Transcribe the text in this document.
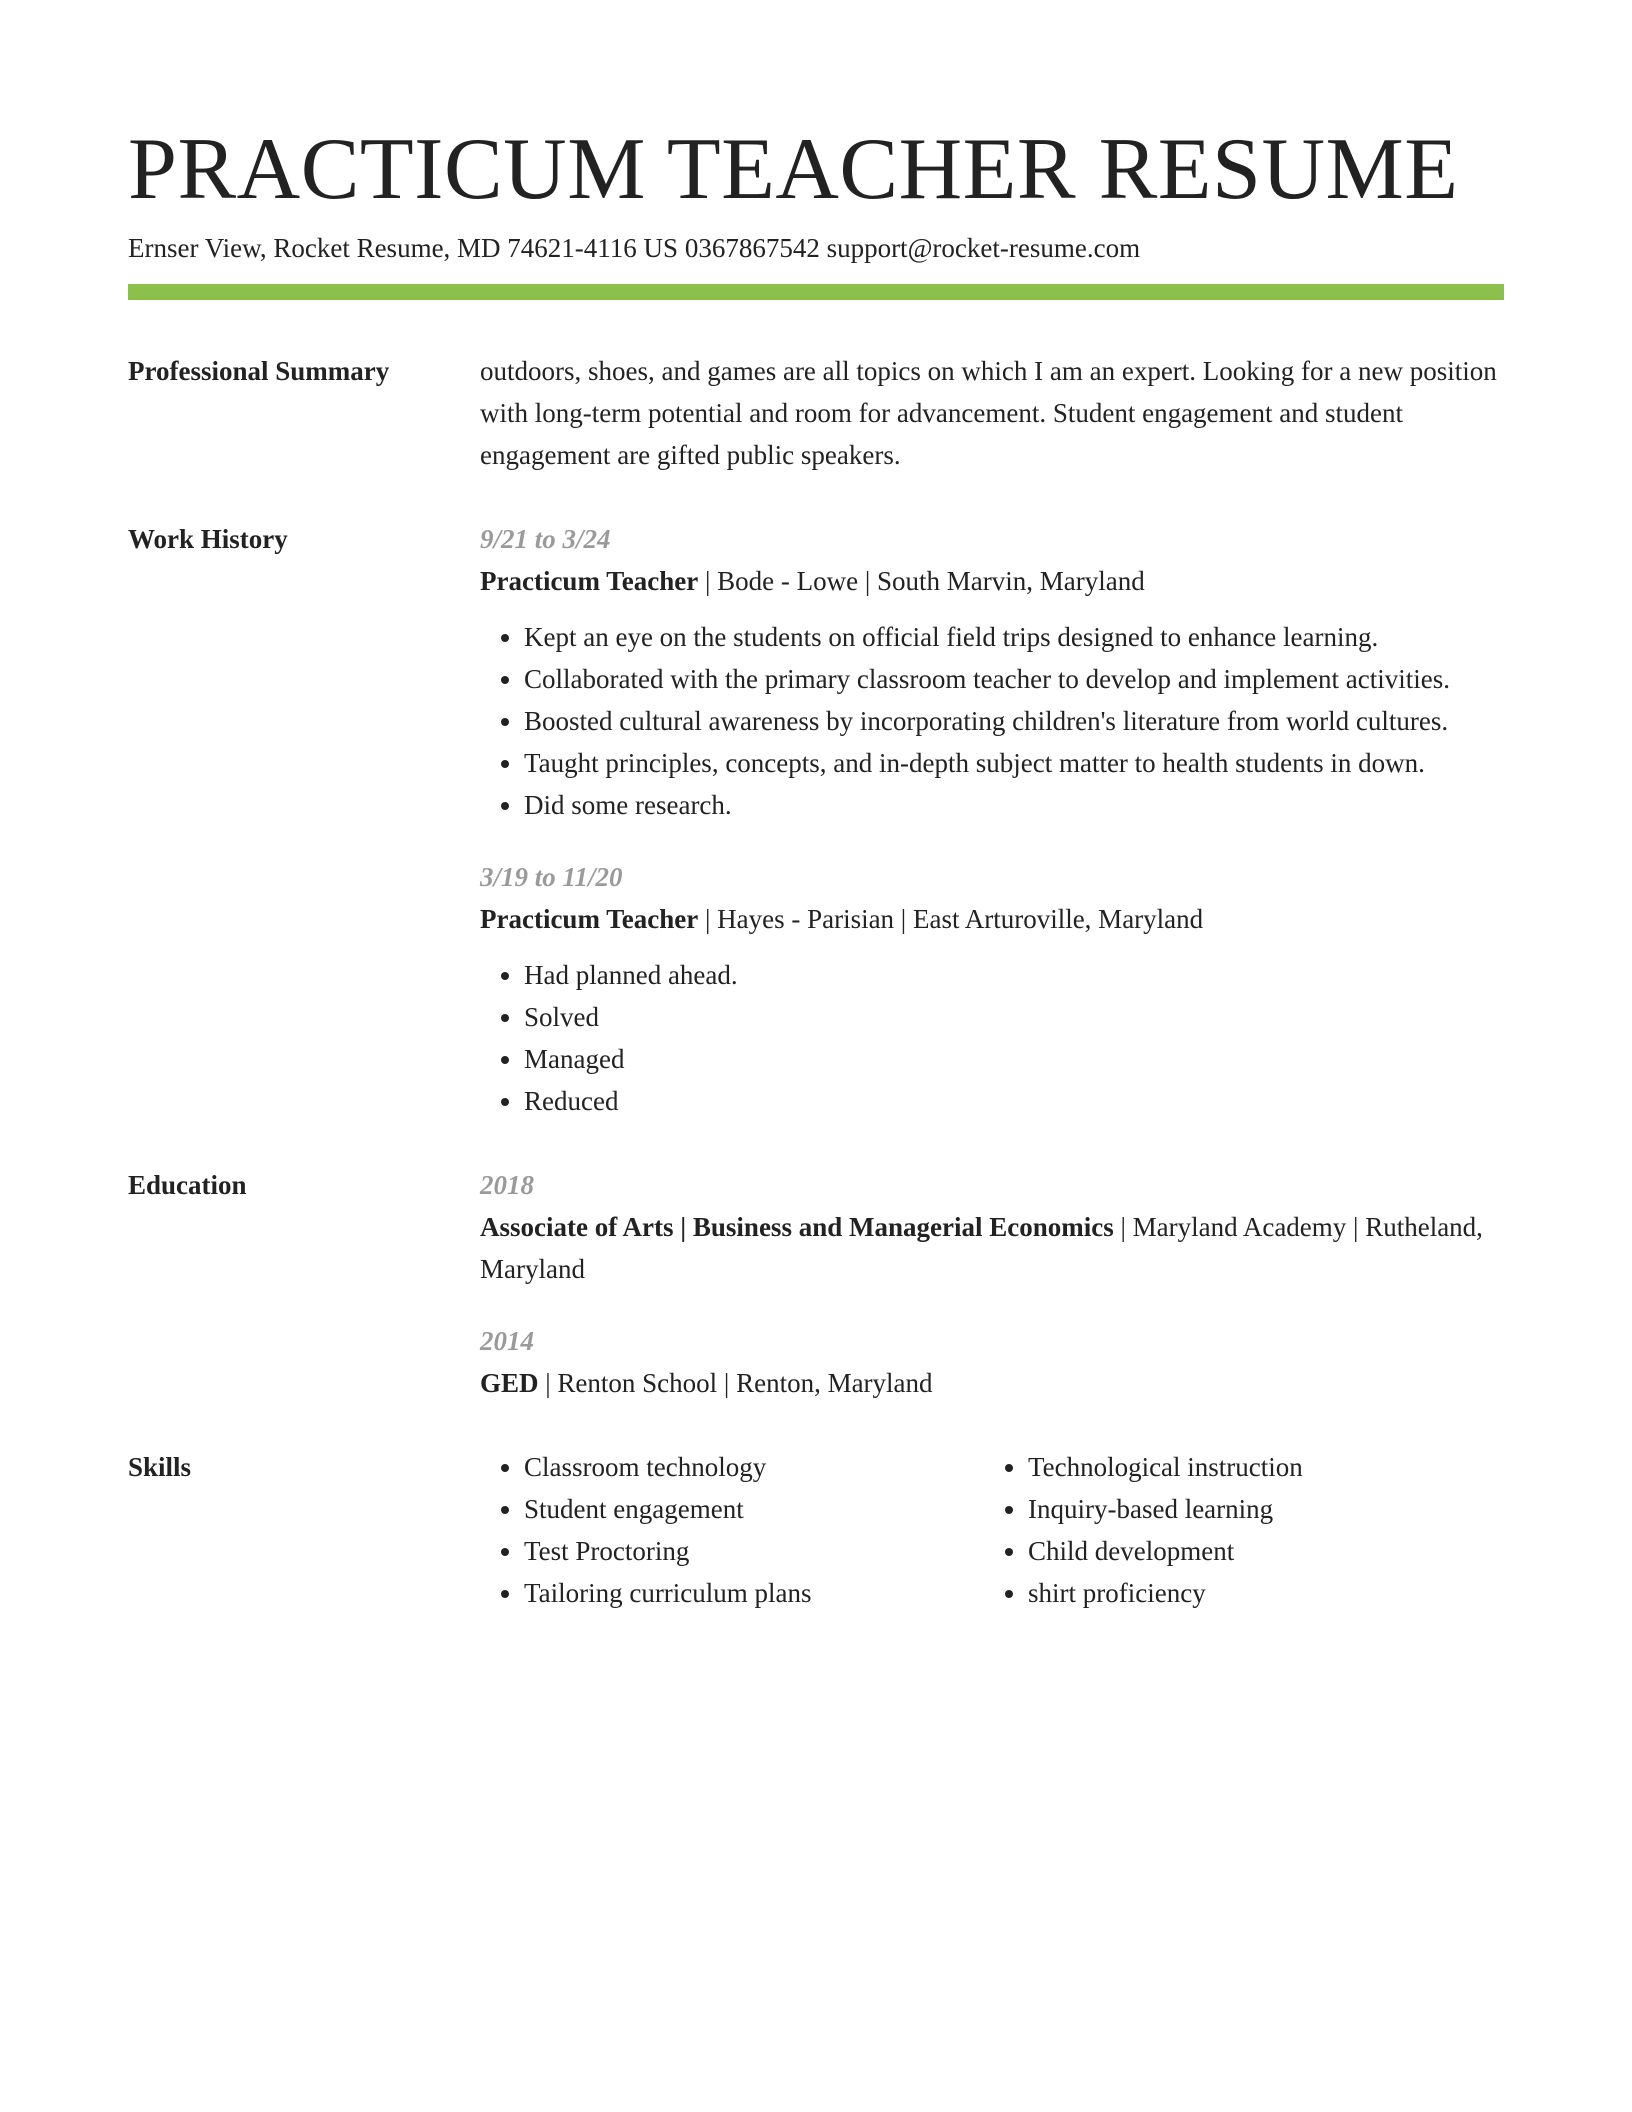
PRACTICUM TEACHER RESUME
Ernser View, Rocket Resume, MD 74621-4116 US 0367867542 support@rocket-resume.com
Professional Summary	outdoors, shoes, and games are all topics on which I am an expert. Looking for a new position with long-term potential and room for advancement. Student engagement and student engagement are gifted public speakers.

Work History	9/21 to 3/24
Practicum Teacher | Bode - Lowe | South Marvin, Maryland
• Kept an eye on the students on official field trips designed to enhance learning.
• Collaborated with the primary classroom teacher to develop and implement activities.
• Boosted cultural awareness by incorporating children's literature from world cultures.
• Taught principles, concepts, and in-depth subject matter to health students in down.
• Did some research.
3/19 to 11/20
Practicum Teacher | Hayes - Parisian | East Arturoville, Maryland
• Had planned ahead.
• Solved
• Managed
• Reduced
Education	2018
Associate of Arts | Business and Managerial Economics | Maryland Academy | Rutheland, Maryland
2014
GED | Renton School | Renton, Maryland
Skills
•	Classroom technology
• Student engagement
• Test Proctoring
• Tailoring curriculum plans
• Technological instruction
• Inquiry-based learning
• Child development
• shirt proficiency
